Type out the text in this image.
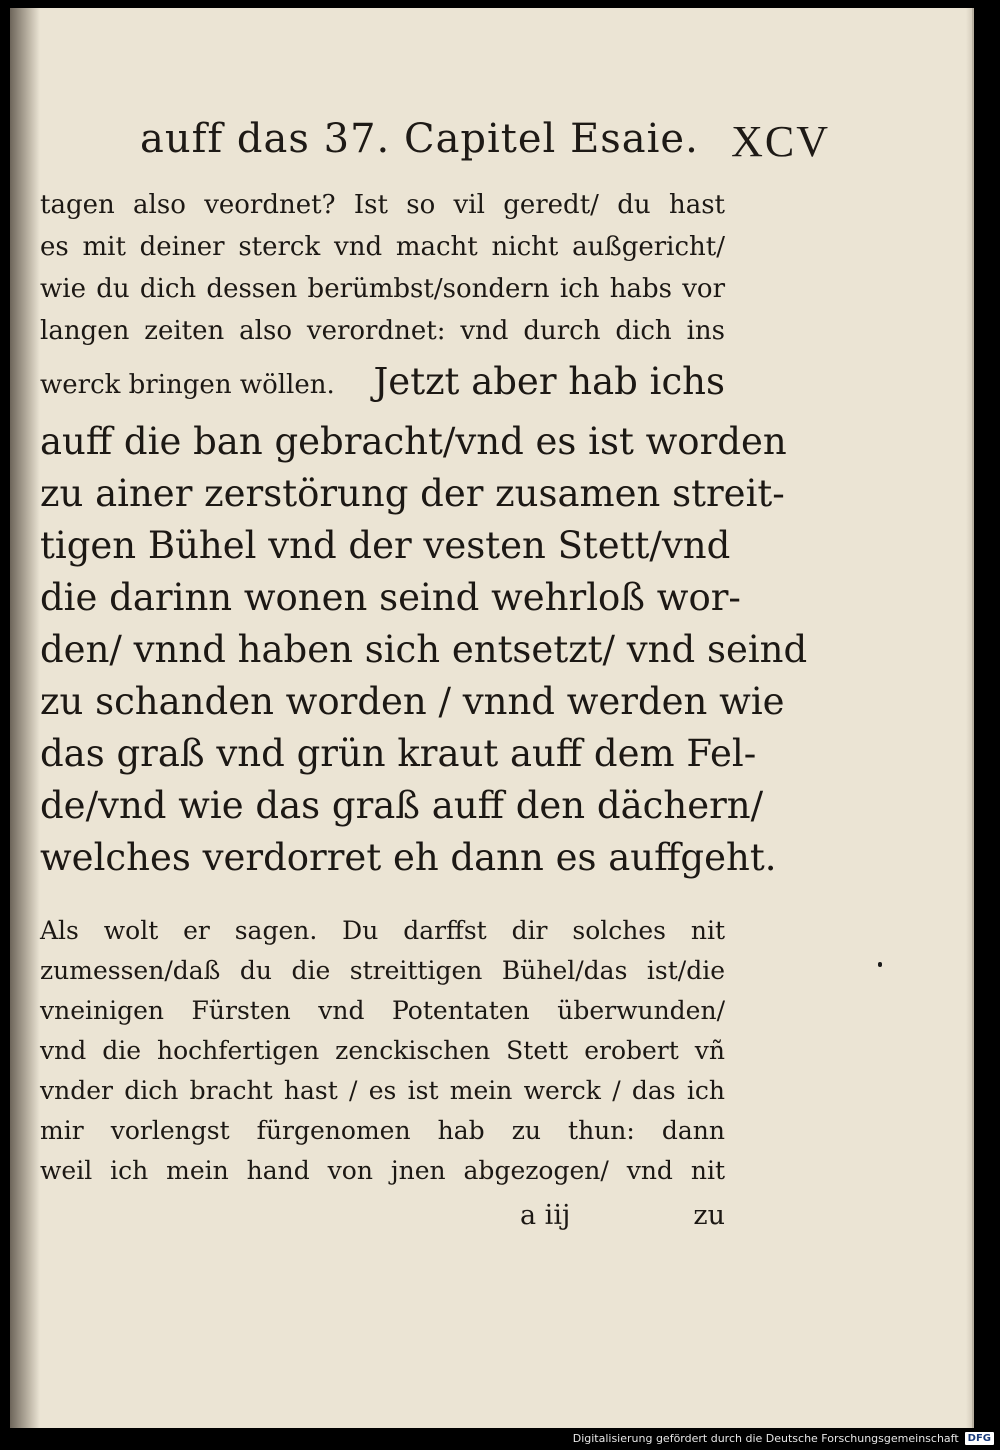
auff das 37. Capitel Esaie. XCV
tagen also veordnet? Ist so vil geredt/ du hast
es mit deiner sterck vnd macht nicht außgericht/
wie du dich dessen berümbst/sondern ich habs vor
langen zeiten also verordnet: vnd durch dich ins
werck bringen wöllen. Jetzt aber hab ichs
auff die ban gebracht/vnd es ist worden
zu ainer zerstörung der zusamen streit-
tigen Bühel vnd der vesten Stett/vnd
die darinn wonen seind wehrloß wor-
den/ vnnd haben sich entsetzt/ vnd seind
zu schanden worden / vnnd werden wie
das graß vnd grün kraut auff dem Fel-
de/vnd wie das graß auff den dächern/
welches verdorret eh dann es auffgeht.
Als wolt er sagen. Du darffst dir solches nit
zumessen/daß du die streittigen Bühel/das ist/die
vneinigen Fürsten vnd Potentaten überwunden/
vnd die hochfertigen zenckischen Stett erobert vñ
vnder dich bracht hast / es ist mein werck / das ich
mir vorlengst fürgenomen hab zu thun: dann
weil ich mein hand von jnen abgezogen/ vnd nit
a iij	zu
Digitalisierung gefördert durch die Deutsche Forschungsgemeinschaft DFG
